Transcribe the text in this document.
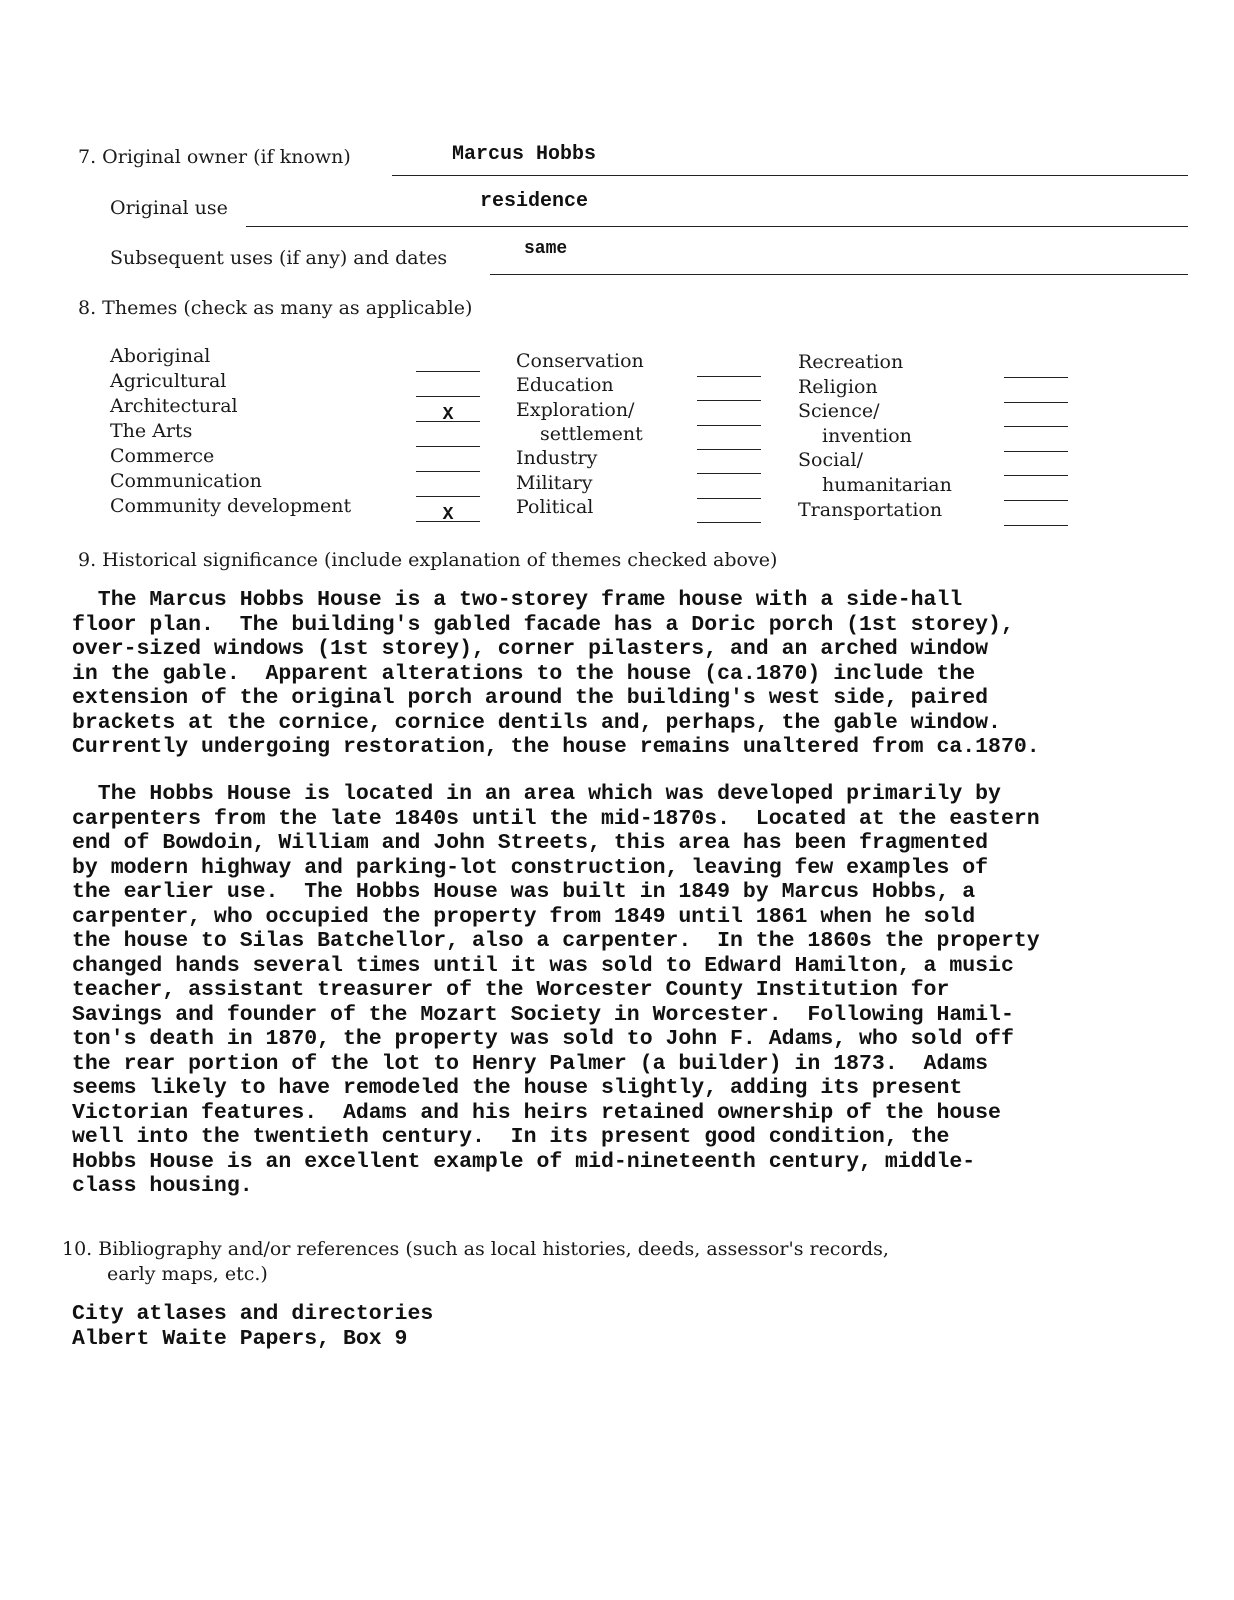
7. Original owner (if known)	Marcus Hobbs
Original use	residence
Subsequent uses (if any) and dates	same
8. Themes (check as many as applicable)
Aboriginal
Agricultural
Architectural	X
The Arts
Commerce
Communication
Community development	X
Conservation
Education
Exploration/
settlement
Industry
Military
Political
Recreation
Religion
Science/
invention
Social/
humanitarian
Transportation
9. Historical significance (include explanation of themes checked above)
The Marcus Hobbs House is a two-storey frame house with a side-hall
floor plan.  The building's gabled facade has a Doric porch (1st storey),
over-sized windows (1st storey), corner pilasters, and an arched window
in the gable.  Apparent alterations to the house (ca.1870) include the
extension of the original porch around the building's west side, paired
brackets at the cornice, cornice dentils and, perhaps, the gable window.
Currently undergoing restoration, the house remains unaltered from ca.1870.
The Hobbs House is located in an area which was developed primarily by
carpenters from the late 1840s until the mid-1870s.  Located at the eastern
end of Bowdoin, William and John Streets, this area has been fragmented
by modern highway and parking-lot construction, leaving few examples of
the earlier use.  The Hobbs House was built in 1849 by Marcus Hobbs, a
carpenter, who occupied the property from 1849 until 1861 when he sold
the house to Silas Batchellor, also a carpenter.  In the 1860s the property
changed hands several times until it was sold to Edward Hamilton, a music
teacher, assistant treasurer of the Worcester County Institution for
Savings and founder of the Mozart Society in Worcester.  Following Hamil-
ton's death in 1870, the property was sold to John F. Adams, who sold off
the rear portion of the lot to Henry Palmer (a builder) in 1873.  Adams
seems likely to have remodeled the house slightly, adding its present
Victorian features.  Adams and his heirs retained ownership of the house
well into the twentieth century.  In its present good condition, the
Hobbs House is an excellent example of mid-nineteenth century, middle-
class housing.
10. Bibliography and/or references (such as local histories, deeds, assessor's records,
early maps, etc.)
City atlases and directories
Albert Waite Papers, Box 9
